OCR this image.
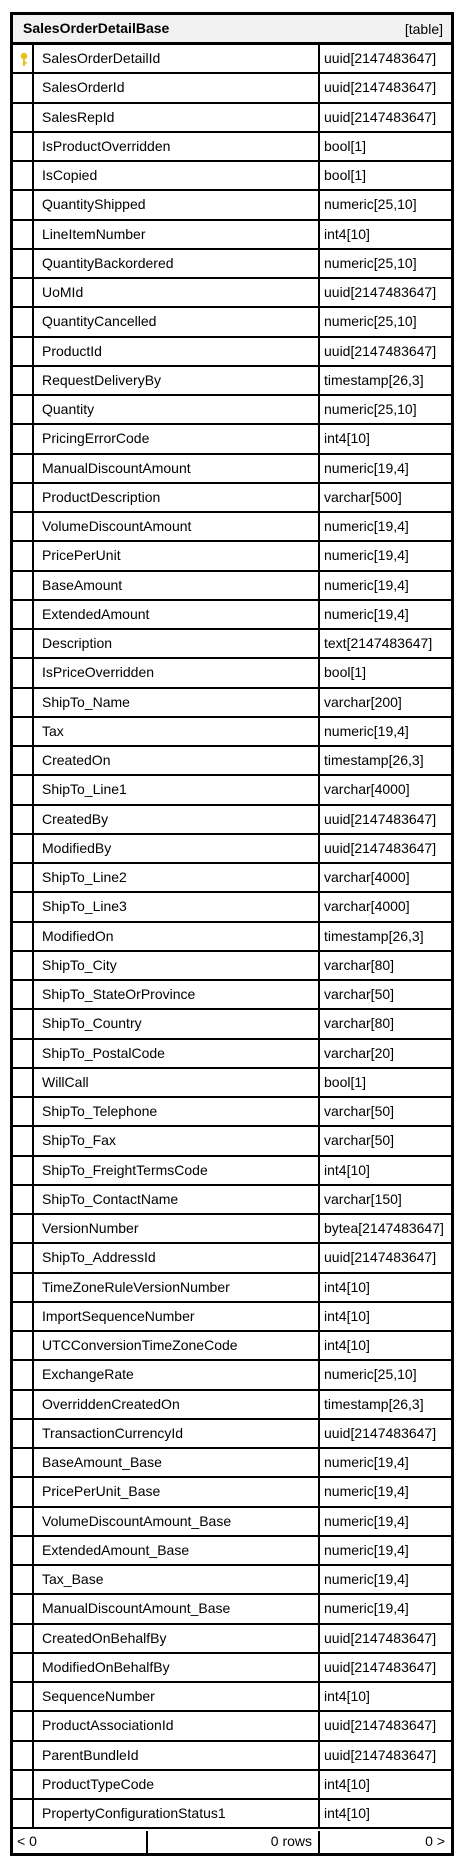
SalesOrderDetailBase	[table]
SalesOrderDetailId	uuid[2147483647]
SalesOrderId	uuid[2147483647]
SalesRepId	uuid[2147483647]
IsProductOverridden	bool[1]
IsCopied	bool[1]
QuantityShipped	numeric[25,10]
LineItemNumber	int4[10]
QuantityBackordered	numeric[25,10]
UoMId	uuid[2147483647]
QuantityCancelled	numeric[25,10]
ProductId	uuid[2147483647]
RequestDeliveryBy	timestamp[26,3]
Quantity	numeric[25,10]
PricingErrorCode	int4[10]
ManualDiscountAmount	numeric[19,4]
ProductDescription	varchar[500]
VolumeDiscountAmount	numeric[19,4]
PricePerUnit	numeric[19,4]
BaseAmount	numeric[19,4]
ExtendedAmount	numeric[19,4]
Description	text[2147483647]
IsPriceOverridden	bool[1]
ShipTo_Name	varchar[200]
Tax	numeric[19,4]
CreatedOn	timestamp[26,3]
ShipTo_Line1	varchar[4000]
CreatedBy	uuid[2147483647]
ModifiedBy	uuid[2147483647]
ShipTo_Line2	varchar[4000]
ShipTo_Line3	varchar[4000]
ModifiedOn	timestamp[26,3]
ShipTo_City	varchar[80]
ShipTo_StateOrProvince	varchar[50]
ShipTo_Country	varchar[80]
ShipTo_PostalCode	varchar[20]
WillCall	bool[1]
ShipTo_Telephone	varchar[50]
ShipTo_Fax	varchar[50]
ShipTo_FreightTermsCode	int4[10]
ShipTo_ContactName	varchar[150]
VersionNumber	bytea[2147483647]
ShipTo_AddressId	uuid[2147483647]
TimeZoneRuleVersionNumber	int4[10]
ImportSequenceNumber	int4[10]
UTCConversionTimeZoneCode	int4[10]
ExchangeRate	numeric[25,10]
OverriddenCreatedOn	timestamp[26,3]
TransactionCurrencyId	uuid[2147483647]
BaseAmount_Base	numeric[19,4]
PricePerUnit_Base	numeric[19,4]
VolumeDiscountAmount_Base	numeric[19,4]
ExtendedAmount_Base	numeric[19,4]
Tax_Base	numeric[19,4]
ManualDiscountAmount_Base	numeric[19,4]
CreatedOnBehalfBy	uuid[2147483647]
ModifiedOnBehalfBy	uuid[2147483647]
SequenceNumber	int4[10]
ProductAssociationId	uuid[2147483647]
ParentBundleId	uuid[2147483647]
ProductTypeCode	int4[10]
PropertyConfigurationStatus1	int4[10]
< 0	0 rows	0 >
